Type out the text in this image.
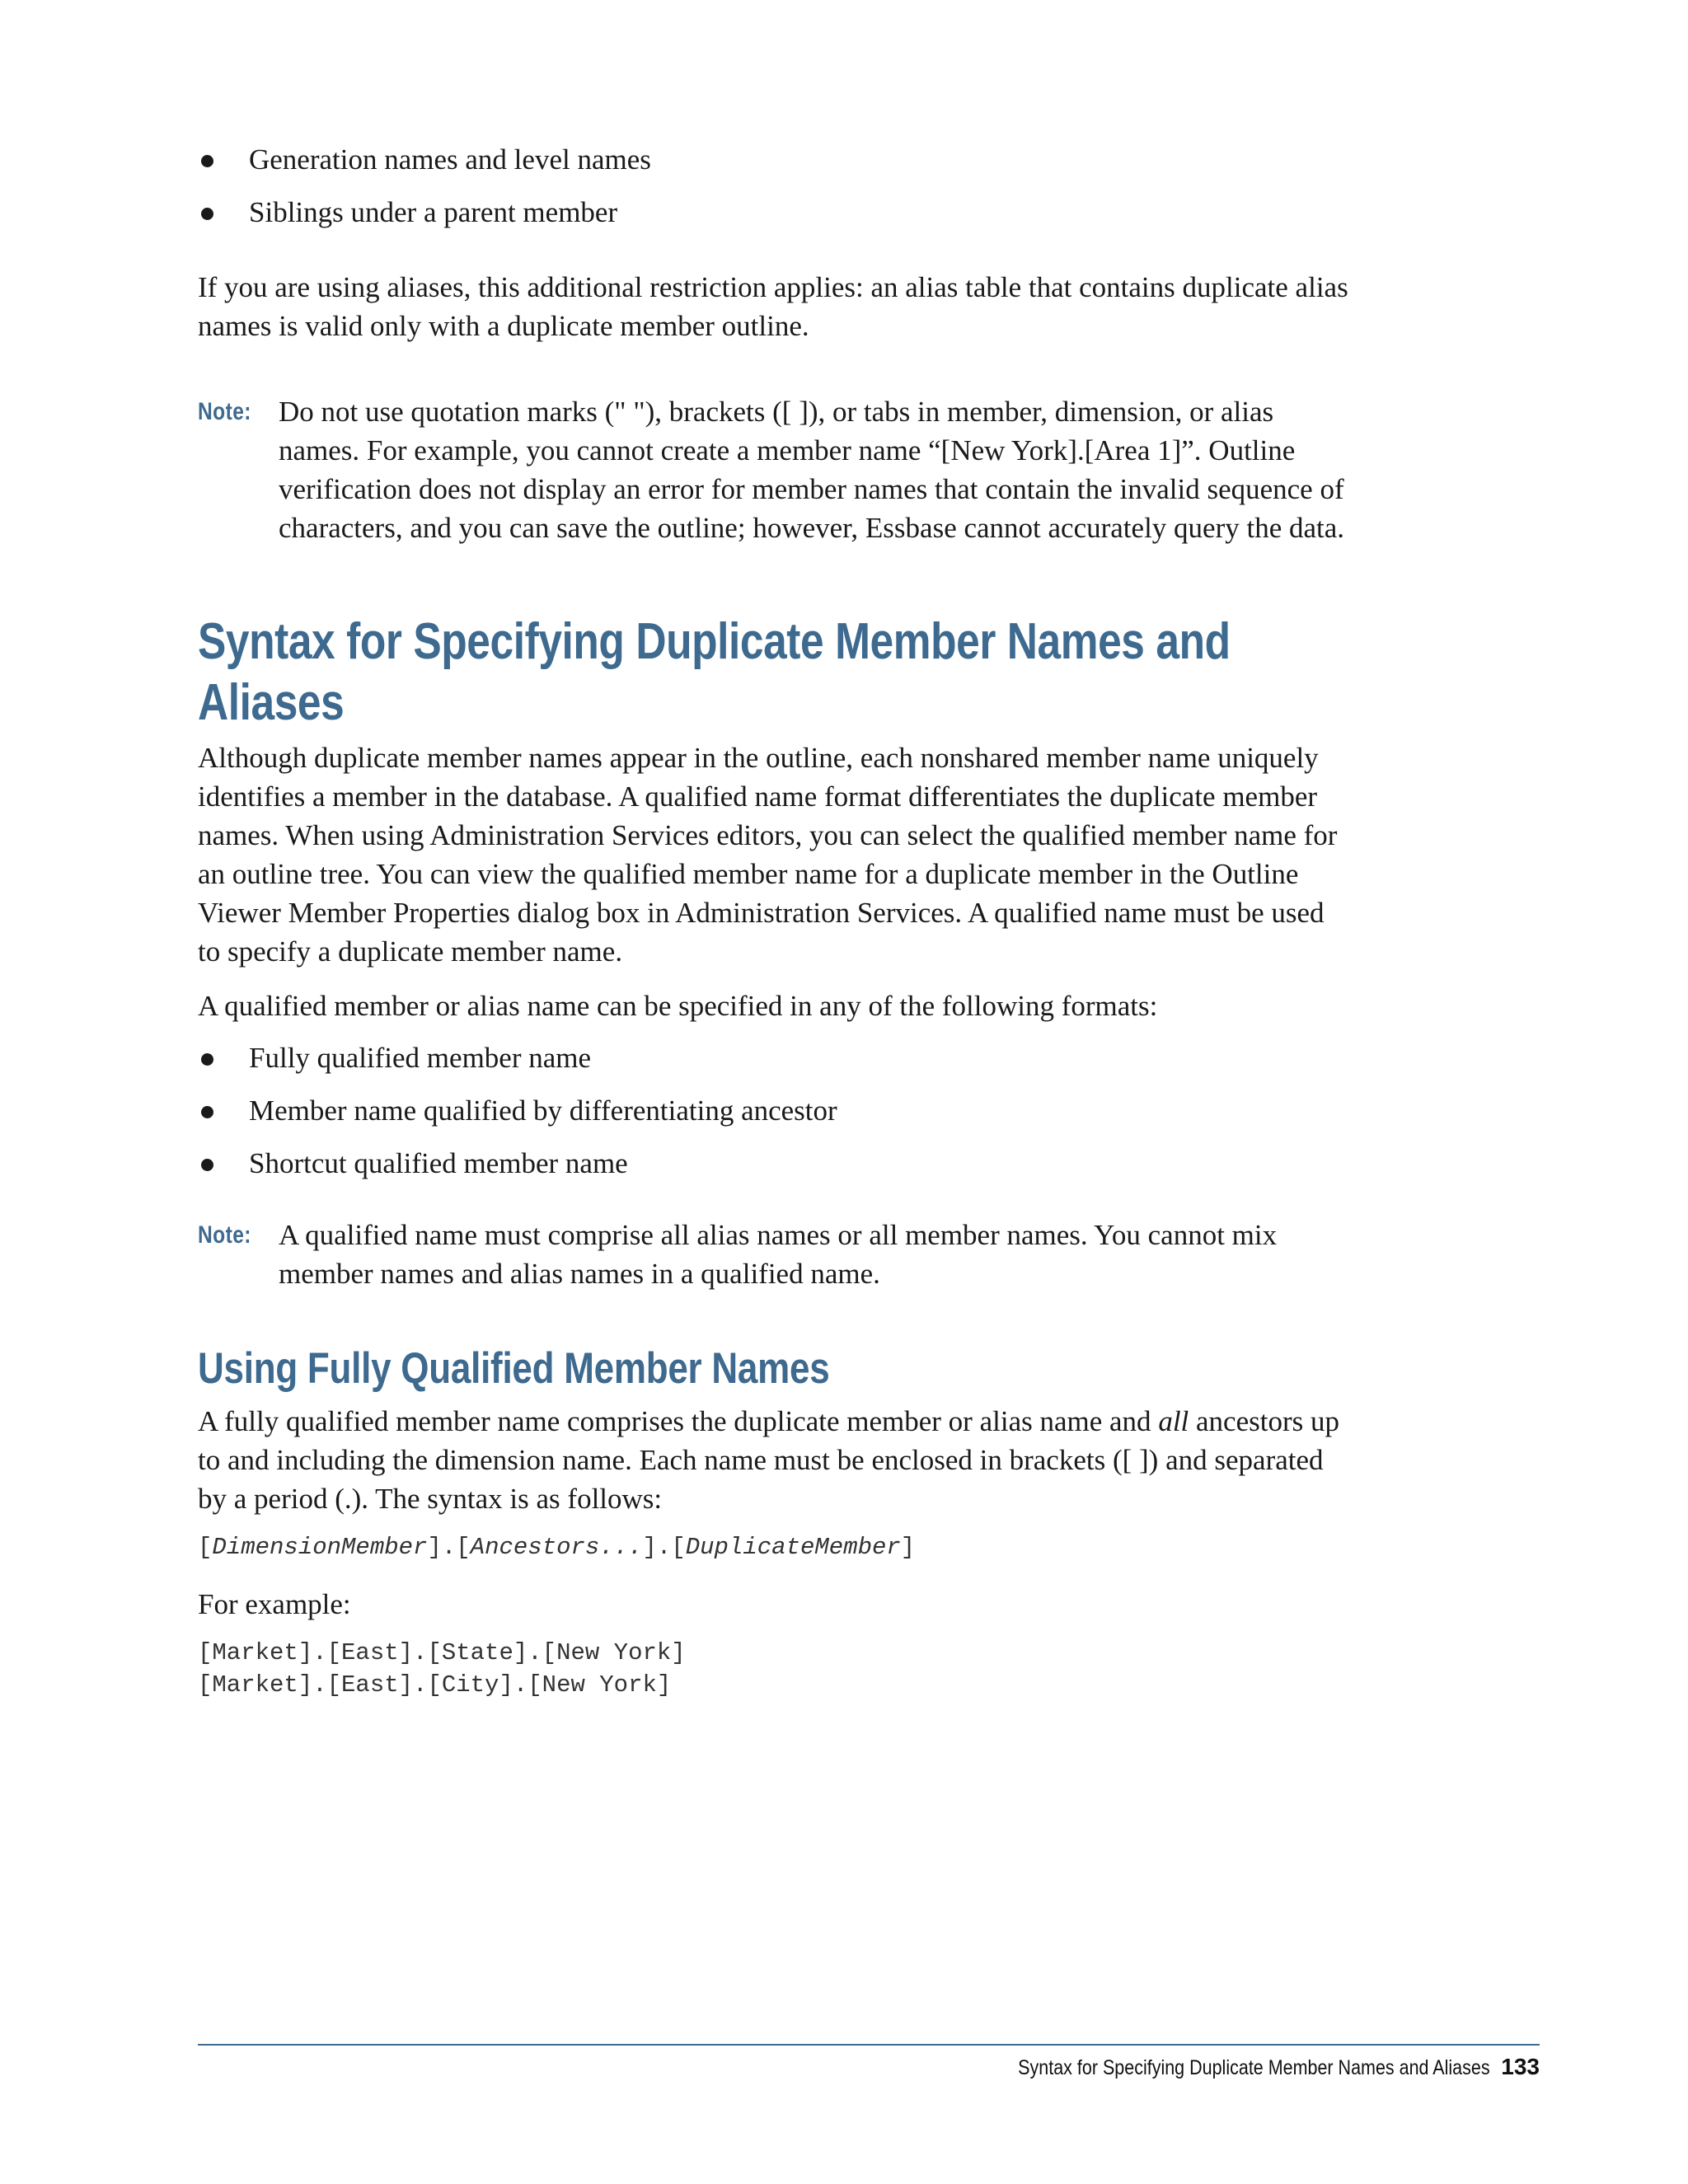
Generation names and level names
Siblings under a parent member

If you are using aliases, this additional restriction applies: an alias table that contains duplicate alias names is valid only with a duplicate member outline.

Note: Do not use quotation marks (" "), brackets ([ ]), or tabs in member, dimension, or alias names. For example, you cannot create a member name “[New York].[Area 1]”. Outline verification does not display an error for member names that contain the invalid sequence of characters, and you can save the outline; however, Essbase cannot accurately query the data.
Syntax for Specifying Duplicate Member Names and Aliases

Although duplicate member names appear in the outline, each nonshared member name uniquely identifies a member in the database. A qualified name format differentiates the duplicate member names. When using Administration Services editors, you can select the qualified member name for an outline tree. You can view the qualified member name for a duplicate member in the Outline Viewer Member Properties dialog box in Administration Services. A qualified name must be used to specify a duplicate member name.

A qualified member or alias name can be specified in any of the following formats:

Fully qualified member name
Member name qualified by differentiating ancestor
Shortcut qualified member name
Note: A qualified name must comprise all alias names or all member names. You cannot mix member names and alias names in a qualified name.
Using Fully Qualified Member Names

A fully qualified member name comprises the duplicate member or alias name and all ancestors up to and including the dimension name. Each name must be enclosed in brackets ([ ]) and separated by a period (.). The syntax is as follows:

[DimensionMember].[Ancestors...].[DuplicateMember]

For example:

[Market].[East].[State].[New York]

[Market].[East].[City].[New York]

Syntax for Specifying Duplicate Member Names and Aliases 133
